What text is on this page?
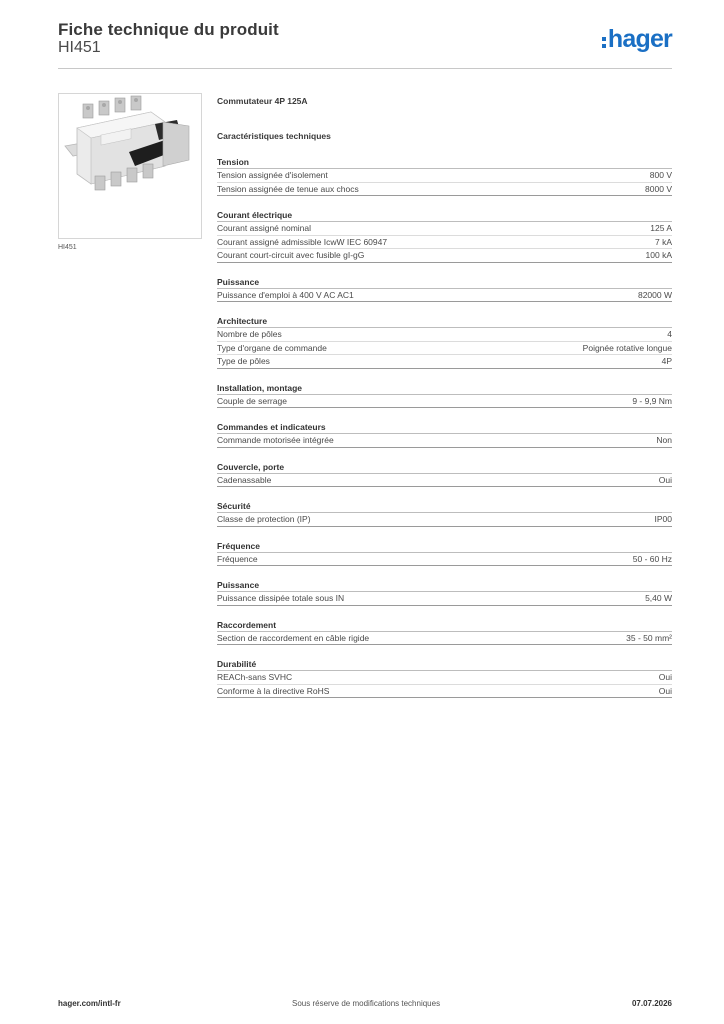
Fiche technique du produit
HI451	hager
HI451
Commutateur 4P 125A
Caractéristiques techniques
Tension
Tension assignée d'isolement	800 V
Tension assignée de tenue aux chocs	8000 V
Courant électrique
Courant assigné nominal	125 A
Courant assigné admissible IcwW IEC 60947	7 kA
Courant court-circuit avec fusible gI-gG	100 kA
Puissance
Puissance d'emploi à 400 V AC AC1	82000 W
Architecture
Nombre de pôles	4
Type d'organe de commande	Poignée rotative longue
Type de pôles	4P
Installation, montage
Couple de serrage	9 - 9,9 Nm
Commandes et indicateurs
Commande motorisée intégrée	Non
Couvercle, porte
Cadenassable	Oui
Sécurité
Classe de protection (IP)	IP00
Fréquence
Fréquence	50 - 60 Hz
Puissance
Puissance dissipée totale sous IN	5,40 W
Raccordement
Section de raccordement en câble rigide	35 - 50 mm²
Durabilité
REACh-sans SVHC	Oui
Conforme à la directive RoHS	Oui
hager.com/intl-fr	Sous réserve de modifications techniques	07.07.2026
